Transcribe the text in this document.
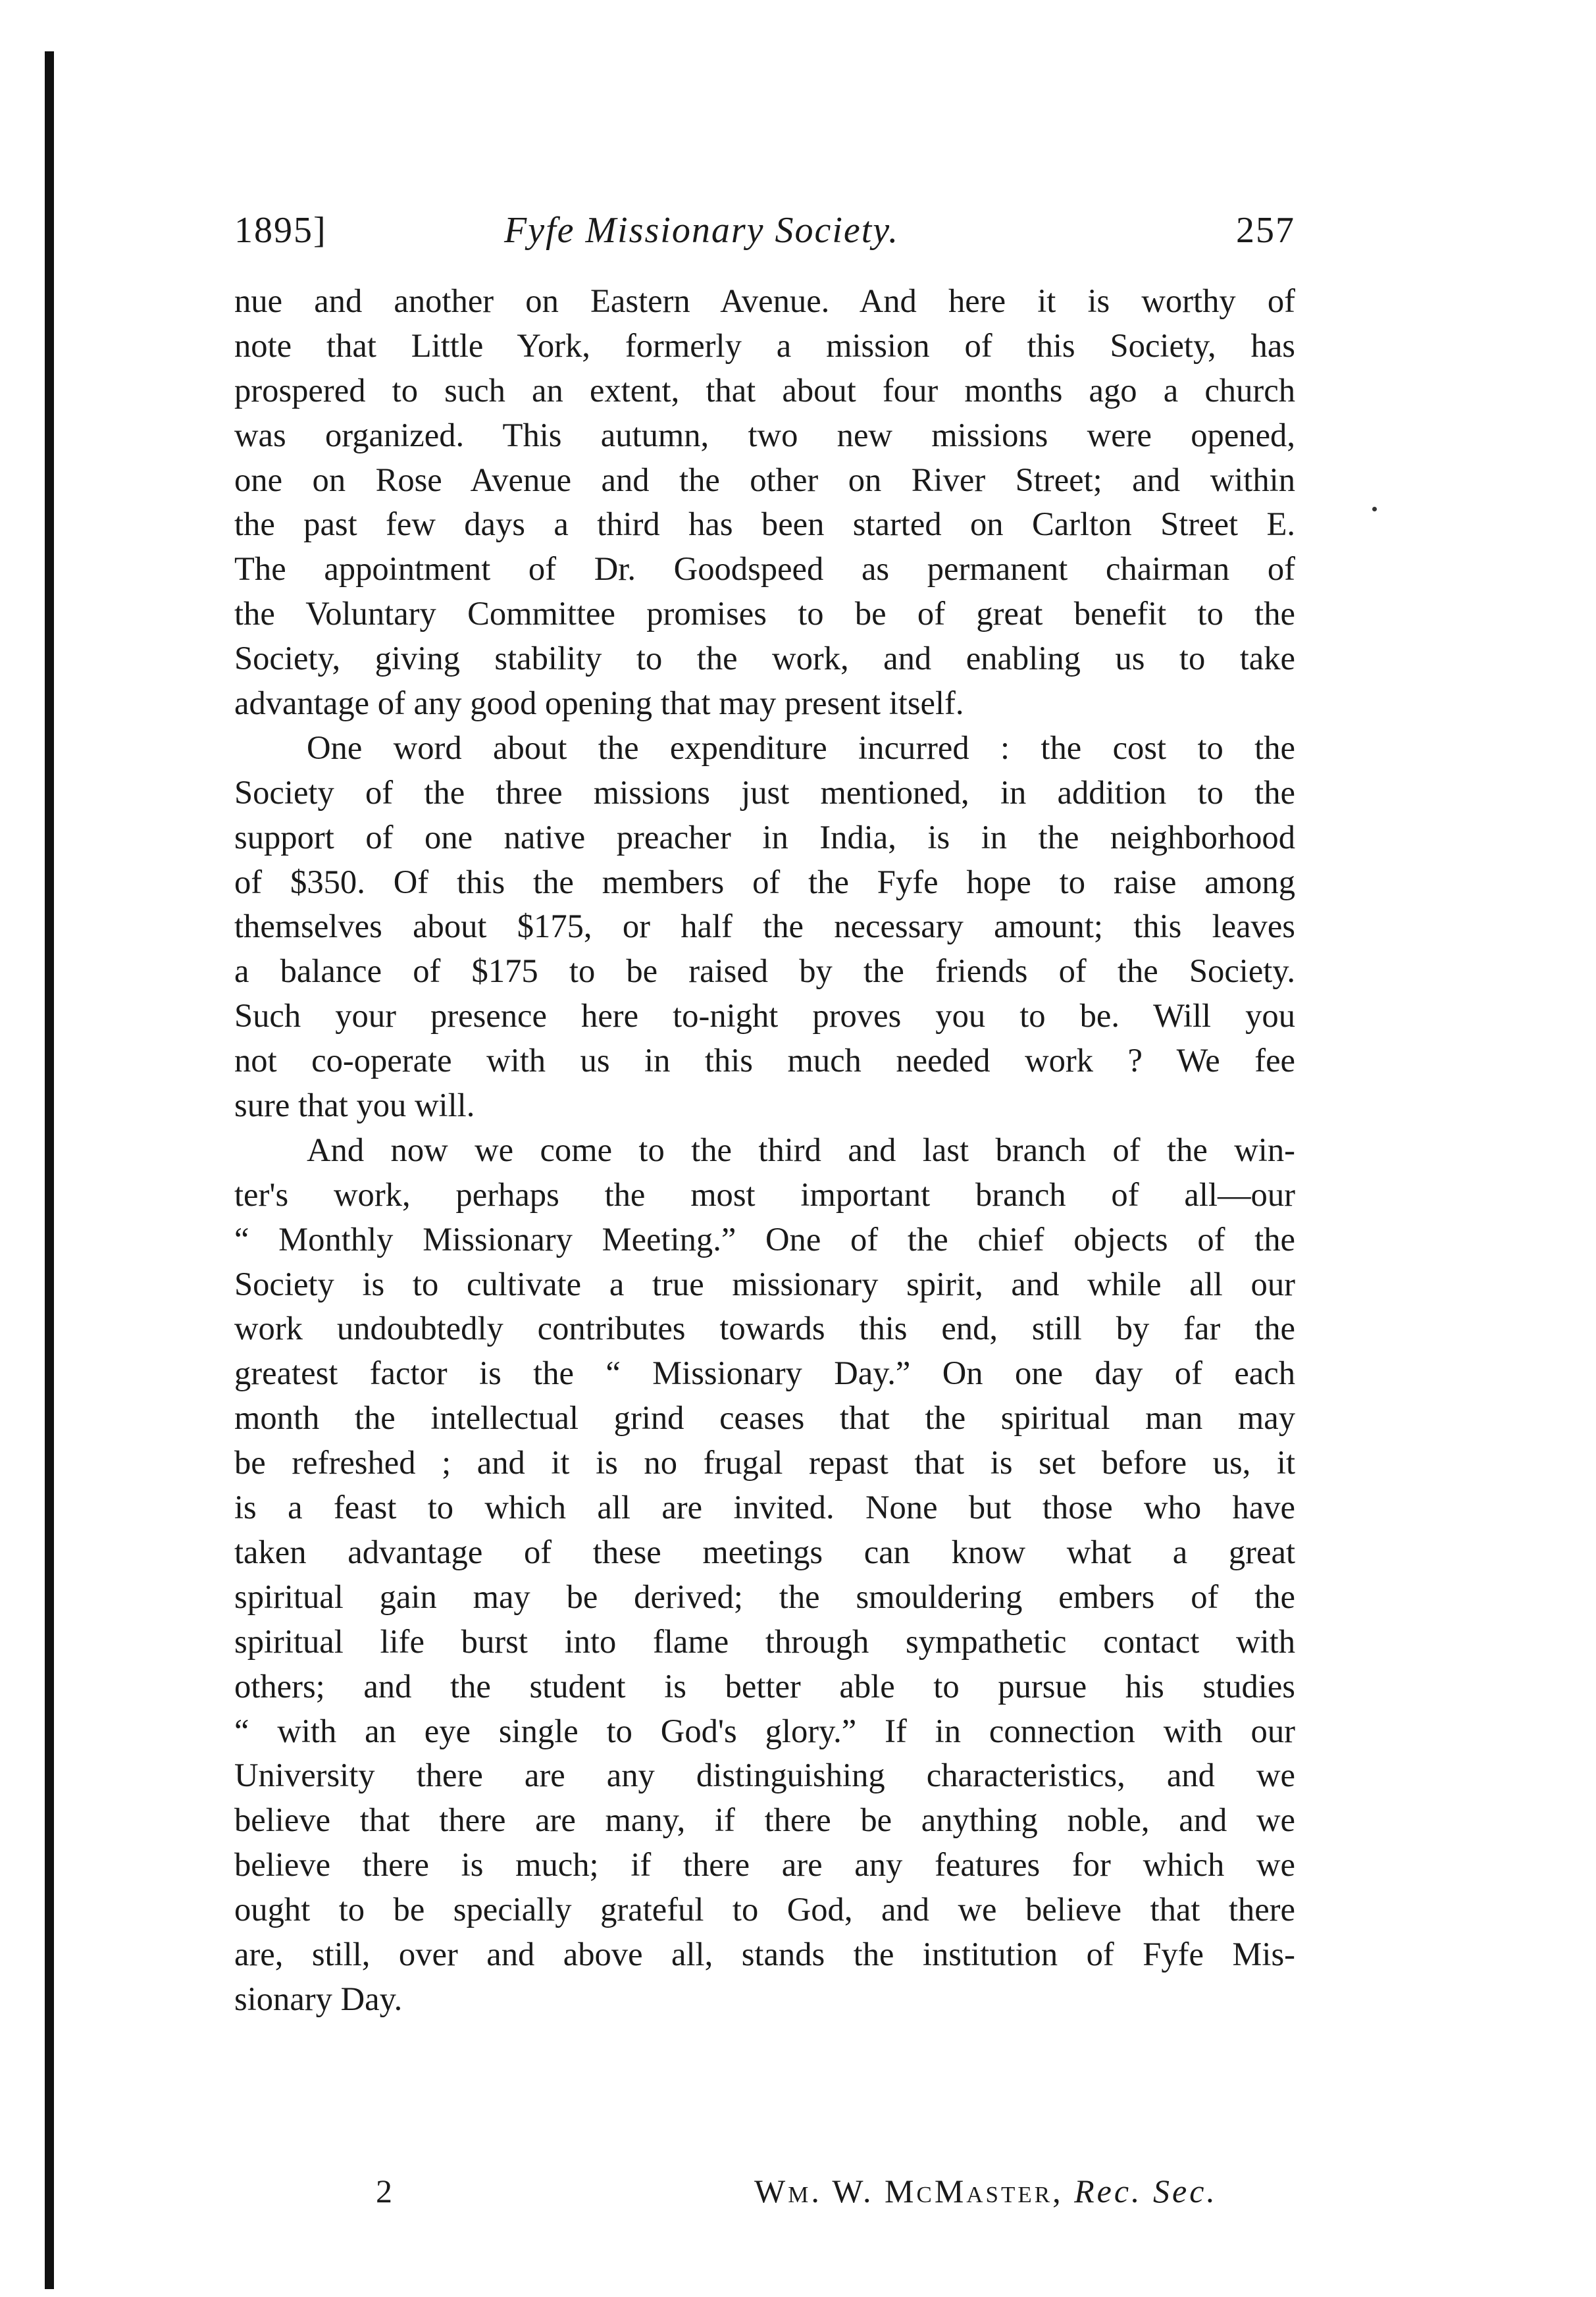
1895]	Fyfe Missionary Society.	257
nue and another on Eastern Avenue. And here it is worthy of
note that Little York, formerly a mission of this Society, has
prospered to such an extent, that about four months ago a church
was organized. This autumn, two new missions were opened,
one on Rose Avenue and the other on River Street; and within
the past few days a third has been started on Carlton Street E.
The appointment of Dr. Goodspeed as permanent chairman of
the Voluntary Committee promises to be of great benefit to the
Society, giving stability to the work, and enabling us to take
advantage of any good opening that may present itself.
One word about the expenditure incurred : the cost to the
Society of the three missions just mentioned, in addition to the
support of one native preacher in India, is in the neighborhood
of $350. Of this the members of the Fyfe hope to raise among
themselves about $175, or half the necessary amount; this leaves
a balance of $175 to be raised by the friends of the Society.
Such your presence here to-night proves you to be. Will you
not co-operate with us in this much needed work ? We fee
sure that you will.
And now we come to the third and last branch of the win-
ter's work, perhaps the most important branch of all—our
“ Monthly Missionary Meeting.” One of the chief objects of the
Society is to cultivate a true missionary spirit, and while all our
work undoubtedly contributes towards this end, still by far the
greatest factor is the “ Missionary Day.” On one day of each
month the intellectual grind ceases that the spiritual man may
be refreshed ; and it is no frugal repast that is set before us, it
is a feast to which all are invited. None but those who have
taken advantage of these meetings can know what a great
spiritual gain may be derived; the smouldering embers of the
spiritual life burst into flame through sympathetic contact with
others; and the student is better able to pursue his studies
“ with an eye single to God's glory.” If in connection with our
University there are any distinguishing characteristics, and we
believe that there are many, if there be anything noble, and we
believe there is much; if there are any features for which we
ought to be specially grateful to God, and we believe that there
are, still, over and above all, stands the institution of Fyfe Mis-
sionary Day.
2	Wm. W. McMaster, Rec. Sec.
